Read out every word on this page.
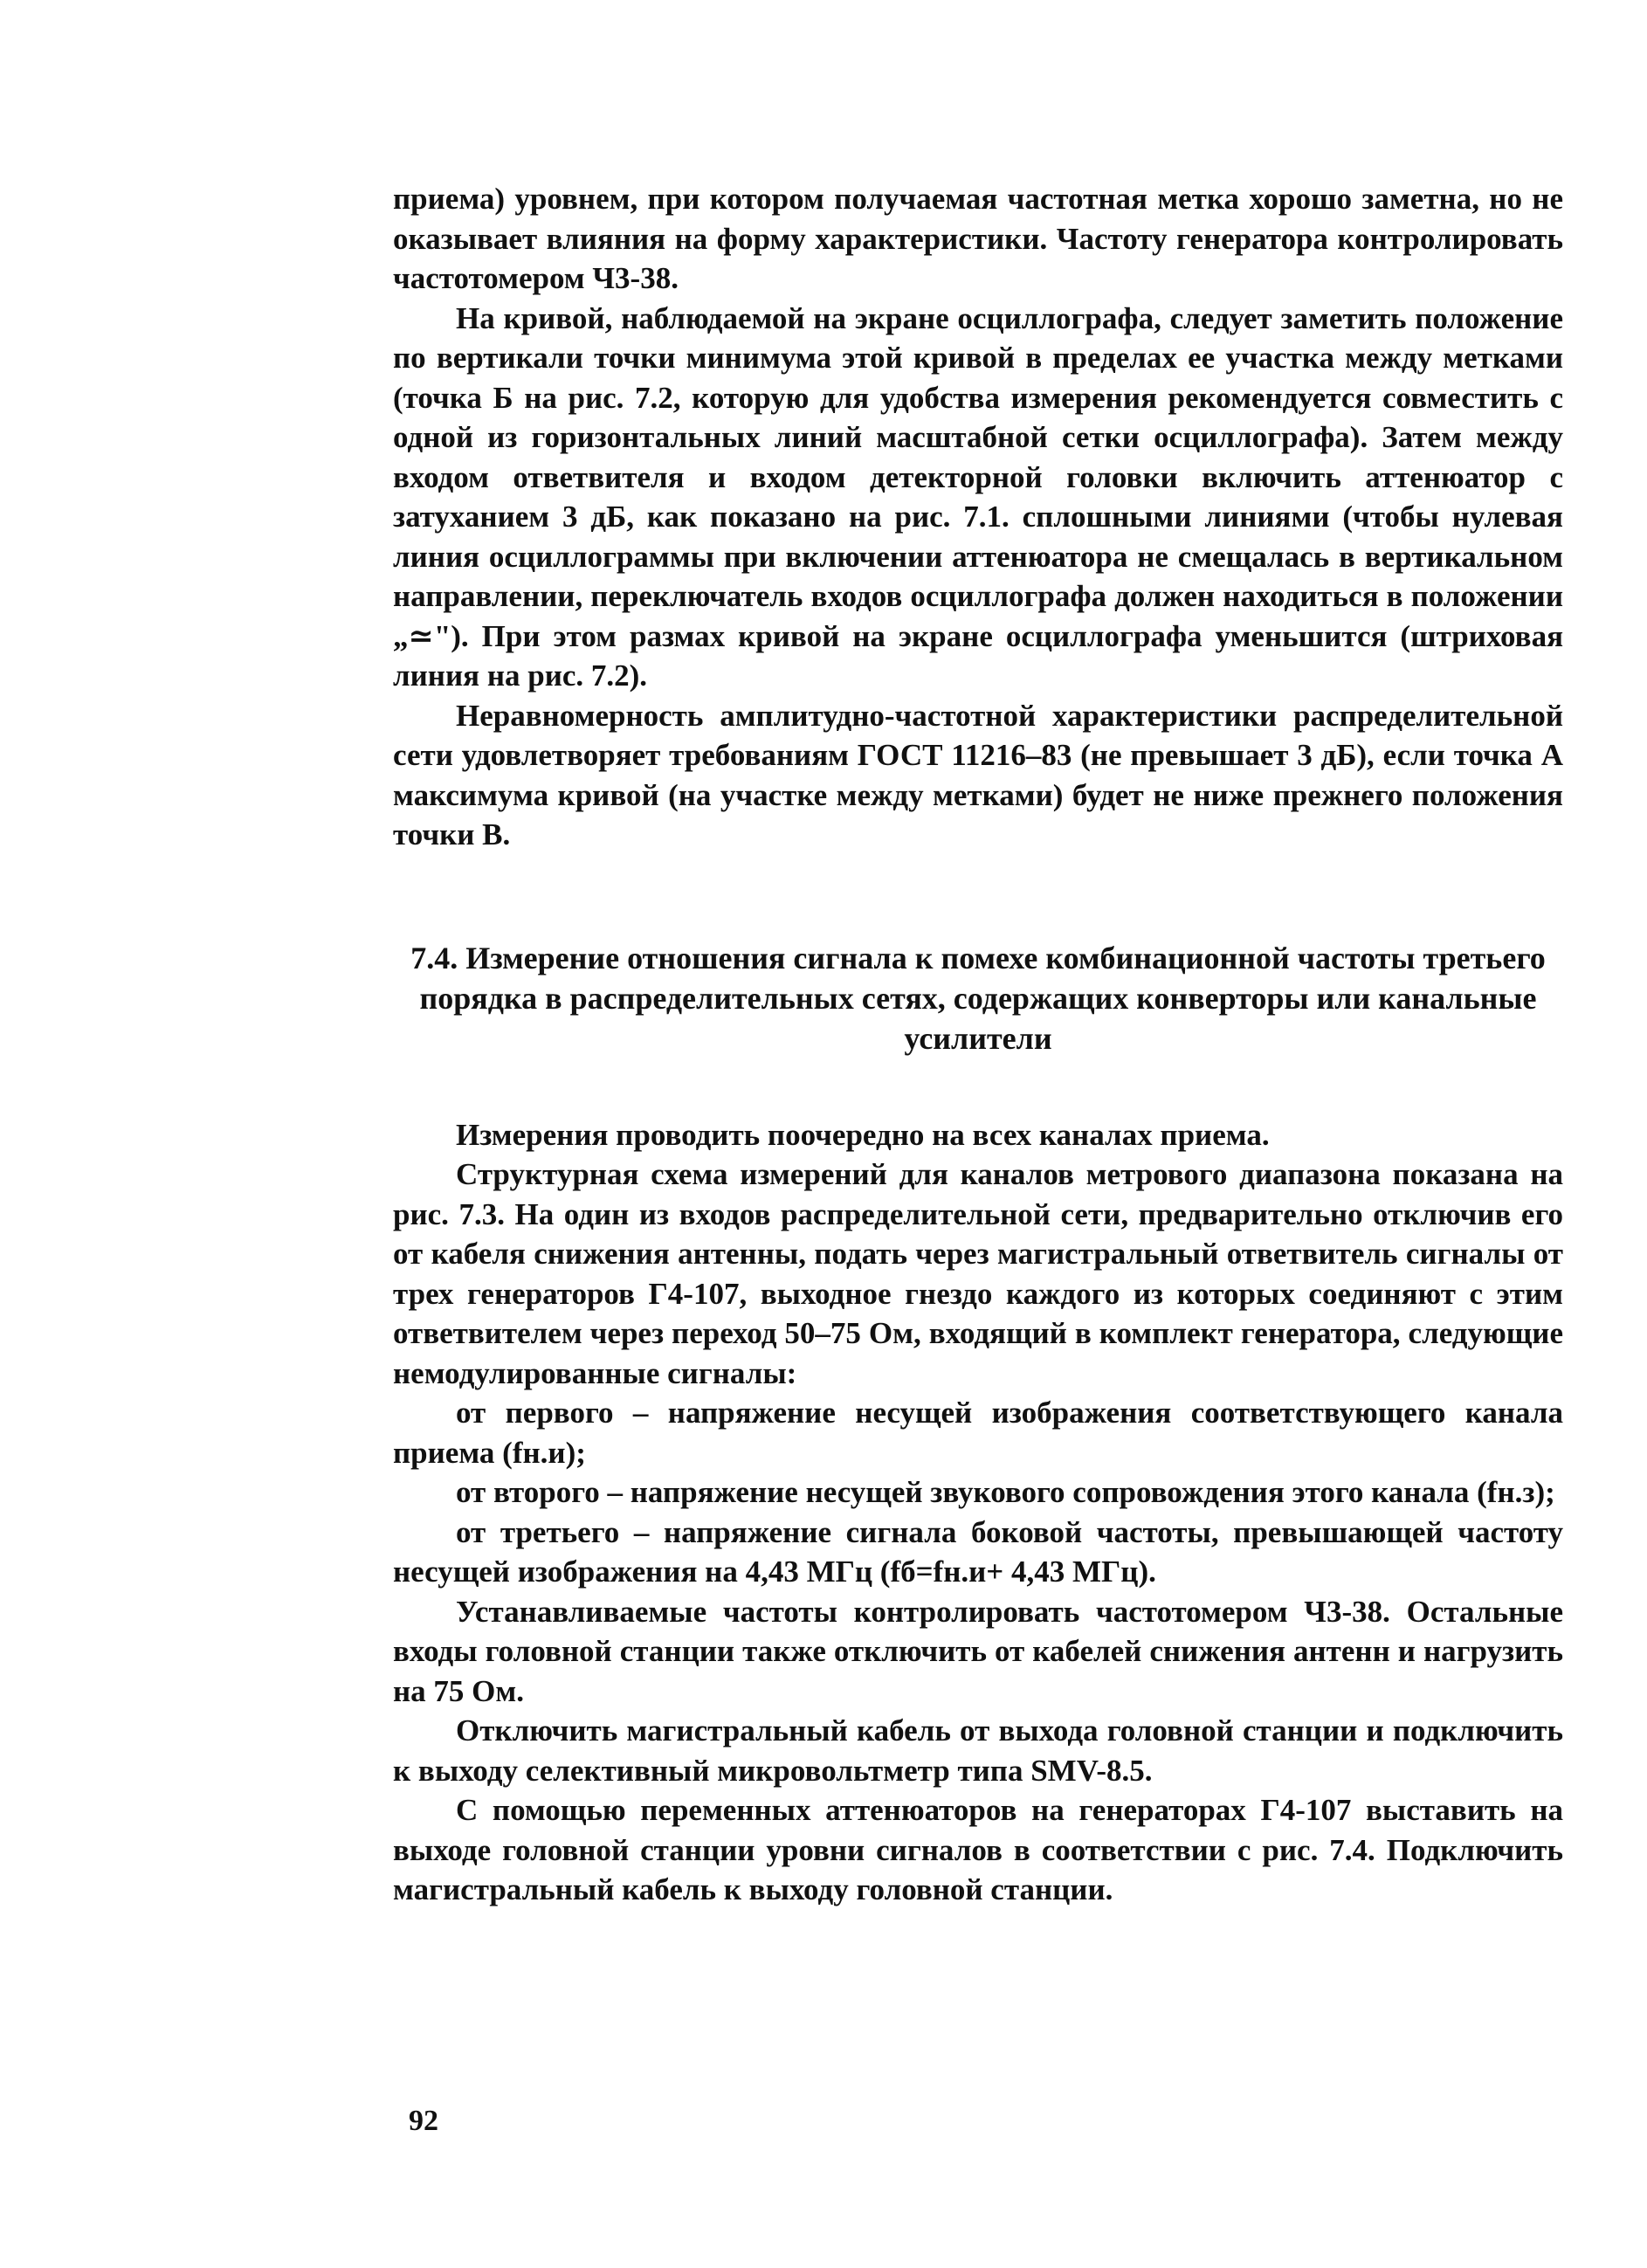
приема) уровнем, при котором получаемая частотная метка хорошо заметна, но не оказывает влияния на форму характеристики. Частоту генератора контролировать частотомером Ч3-38.

На кривой, наблюдаемой на экране осциллографа, следует заметить положение по вертикали точки минимума этой кривой в пределах ее участка между метками (точка Б на рис. 7.2, которую для удобства измерения рекомендуется совместить с одной из горизонтальных линий масштабной сетки осциллографа). Затем между входом ответвителя и входом детекторной головки включить аттенюатор с затуханием 3 дБ, как показано на рис. 7.1. сплошными линиями (чтобы нулевая линия осциллограммы при включении аттенюатора не смещалась в вертикальном направлении, переключатель входов осциллографа должен находиться в положении „≃"). При этом размах кривой на экране осциллографа уменьшится (штриховая линия на рис. 7.2).

Неравномерность амплитудно-частотной характеристики распределительной сети удовлетворяет требованиям ГОСТ 11216–83 (не превышает 3 дБ), если точка А максимума кривой (на участке между метками) будет не ниже прежнего положения точки В.

7.4. Измерение отношения сигнала к помехе комбинационной частоты третьего порядка в распределительных сетях, содержащих конверторы или канальные усилители

Измерения проводить поочередно на всех каналах приема.

Структурная схема измерений для каналов метрового диапазона показана на рис. 7.3. На один из входов распределительной сети, предварительно отключив его от кабеля снижения антенны, подать через магистральный ответвитель сигналы от трех генераторов Г4-107, выходное гнездо каждого из которых соединяют с этим ответвителем через переход 50–75 Ом, входящий в комплект генератора, следующие немодулированные сигналы:

от первого – напряжение несущей изображения соответствующего канала приема (fн.и);

от второго – напряжение несущей звукового сопровождения этого канала (fн.з);

от третьего – напряжение сигнала боковой частоты, превышающей частоту несущей изображения на 4,43 МГц (fб=fн.и+ 4,43 МГц).

Устанавливаемые частоты контролировать частотомером Ч3-38. Остальные входы головной станции также отключить от кабелей снижения антенн и нагрузить на 75 Ом.

Отключить магистральный кабель от выхода головной станции и подключить к выходу селективный микровольтметр типа SMV-8.5.

С помощью переменных аттенюаторов на генераторах Г4-107 выставить на выходе головной станции уровни сигналов в соответствии с рис. 7.4. Подключить магистральный кабель к выходу головной станции.

92
